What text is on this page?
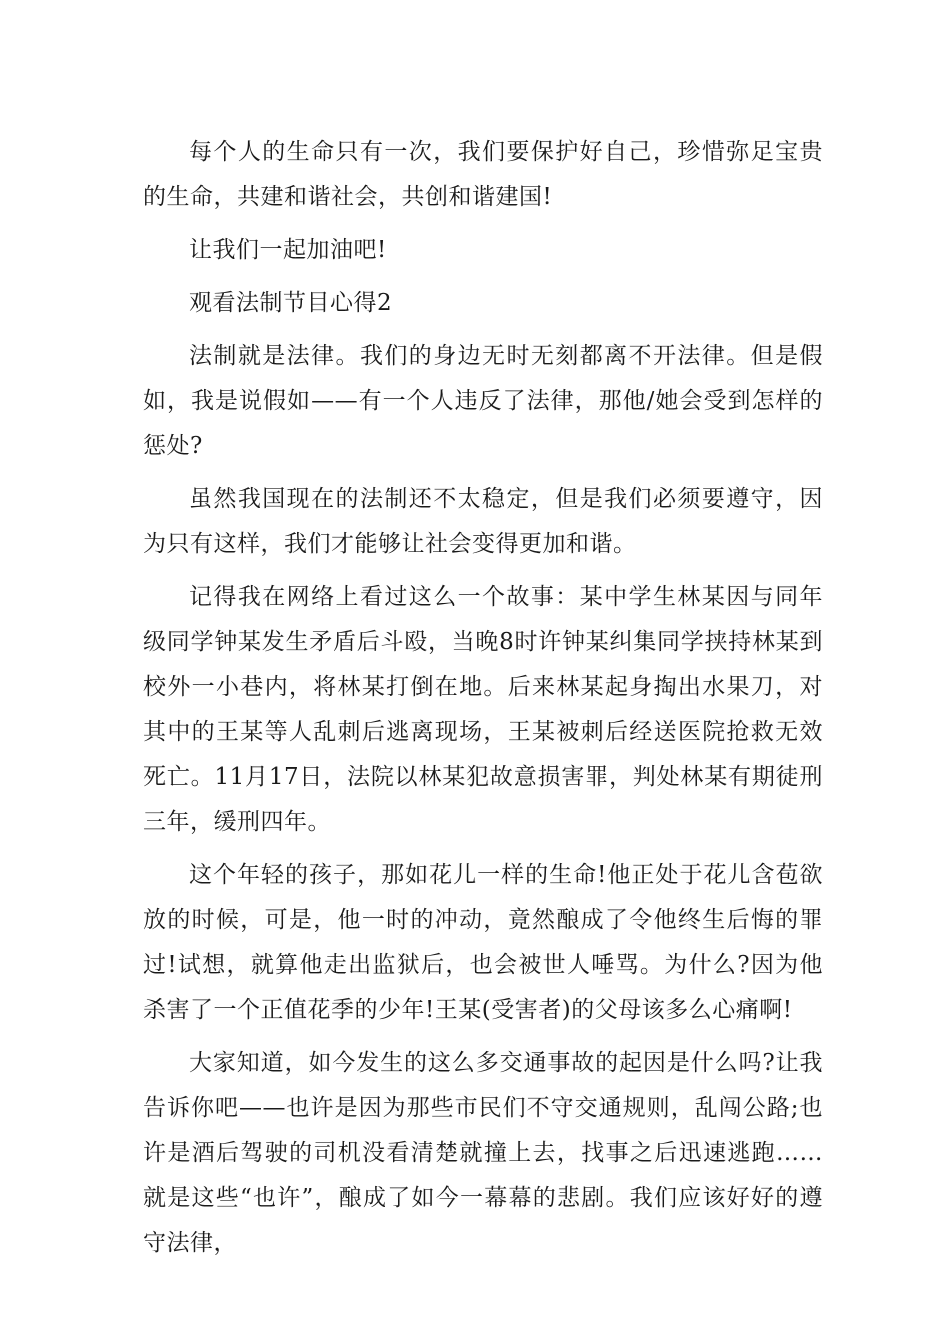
每个人的生命只有一次，我们要保护好自己，珍惜弥足宝贵的生命，共建和谐社会，共创和谐建国!

让我们一起加油吧!

观看法制节目心得2

法制就是法律。我们的身边无时无刻都离不开法律。但是假如，我是说假如——有一个人违反了法律，那他/她会受到怎样的惩处?

虽然我国现在的法制还不太稳定，但是我们必须要遵守，因为只有这样，我们才能够让社会变得更加和谐。

记得我在网络上看过这么一个故事：某中学生林某因与同年级同学钟某发生矛盾后斗殴，当晚8时许钟某纠集同学挟持林某到校外一小巷内，将林某打倒在地。后来林某起身掏出水果刀，对其中的王某等人乱刺后逃离现场，王某被刺后经送医院抢救无效死亡。11月17日，法院以林某犯故意损害罪，判处林某有期徒刑三年，缓刑四年。

这个年轻的孩子，那如花儿一样的生命!他正处于花儿含苞欲放的时候，可是，他一时的冲动，竟然酿成了令他终生后悔的罪过!试想，就算他走出监狱后，也会被世人唾骂。为什么?因为他杀害了一个正值花季的少年!王某(受害者)的父母该多么心痛啊!

大家知道，如今发生的这么多交通事故的起因是什么吗?让我告诉你吧——也许是因为那些市民们不守交通规则，乱闯公路;也许是酒后驾驶的司机没看清楚就撞上去，找事之后迅速逃跑……就是这些“也许”，酿成了如今一幕幕的悲剧。我们应该好好的遵守法律，
